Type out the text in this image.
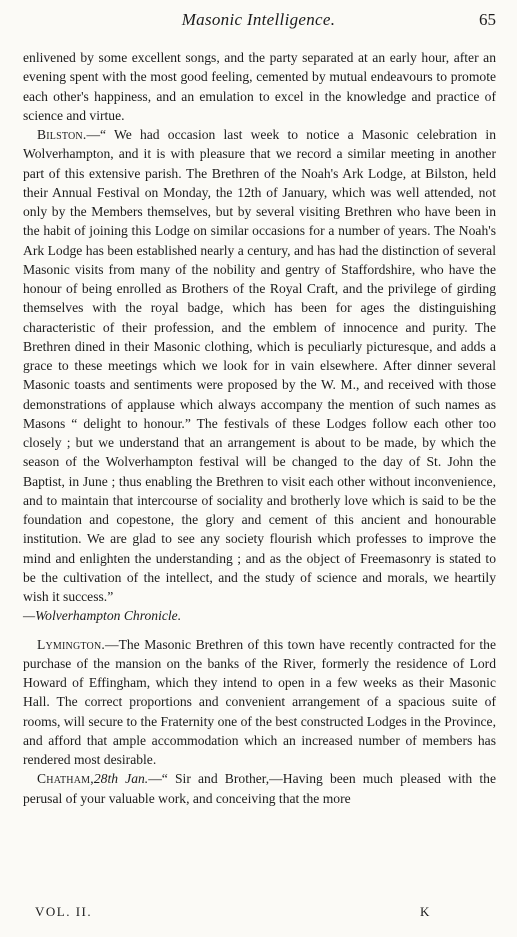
Masonic Intelligence.	65

enlivened by some excellent songs, and the party separated at an early hour, after an evening spent with the most good feeling, cemented by mutual endeavours to promote each other's happiness, and an emulation to excel in the knowledge and practice of science and virtue.

Bilston.—“ We had occasion last week to notice a Masonic celebration in Wolverhampton, and it is with pleasure that we record a similar meeting in another part of this extensive parish. The Brethren of the Noah's Ark Lodge, at Bilston, held their Annual Festival on Monday, the 12th of January, which was well attended, not only by the Members themselves, but by several visiting Brethren who have been in the habit of joining this Lodge on similar occasions for a number of years. The Noah's Ark Lodge has been established nearly a century, and has had the distinction of several Masonic visits from many of the nobility and gentry of Staffordshire, who have the honour of being enrolled as Brothers of the Royal Craft, and the privilege of girding themselves with the royal badge, which has been for ages the distinguishing characteristic of their profession, and the emblem of innocence and purity. The Brethren dined in their Masonic clothing, which is peculiarly picturesque, and adds a grace to these meetings which we look for in vain elsewhere. After dinner several Masonic toasts and sentiments were proposed by the W. M., and received with those demonstrations of applause which always accompany the mention of such names as Masons “ delight to honour.” The festivals of these Lodges follow each other too closely ; but we understand that an arrangement is about to be made, by which the season of the Wolverhampton festival will be changed to the day of St. John the Baptist, in June ; thus enabling the Brethren to visit each other without inconvenience, and to maintain that intercourse of sociality and brotherly love which is said to be the foundation and copestone, the glory and cement of this ancient and honourable institution. We are glad to see any society flourish which professes to improve the mind and enlighten the understanding ; and as the object of Freemasonry is stated to be the cultivation of the intellect, and the study of science and morals, we heartily wish it success.”
—Wolverhampton Chronicle.

Lymington.—The Masonic Brethren of this town have recently contracted for the purchase of the mansion on the banks of the River, formerly the residence of Lord Howard of Effingham, which they intend to open in a few weeks as their Masonic Hall. The correct proportions and convenient arrangement of a spacious suite of rooms, will secure to the Fraternity one of the best constructed Lodges in the Province, and afford that ample accommodation which an increased number of members has rendered most desirable.

Chatham,28th Jan.—“ Sir and Brother,—Having been much pleased with the perusal of your valuable work, and conceiving that the more

VOL. II.	K
